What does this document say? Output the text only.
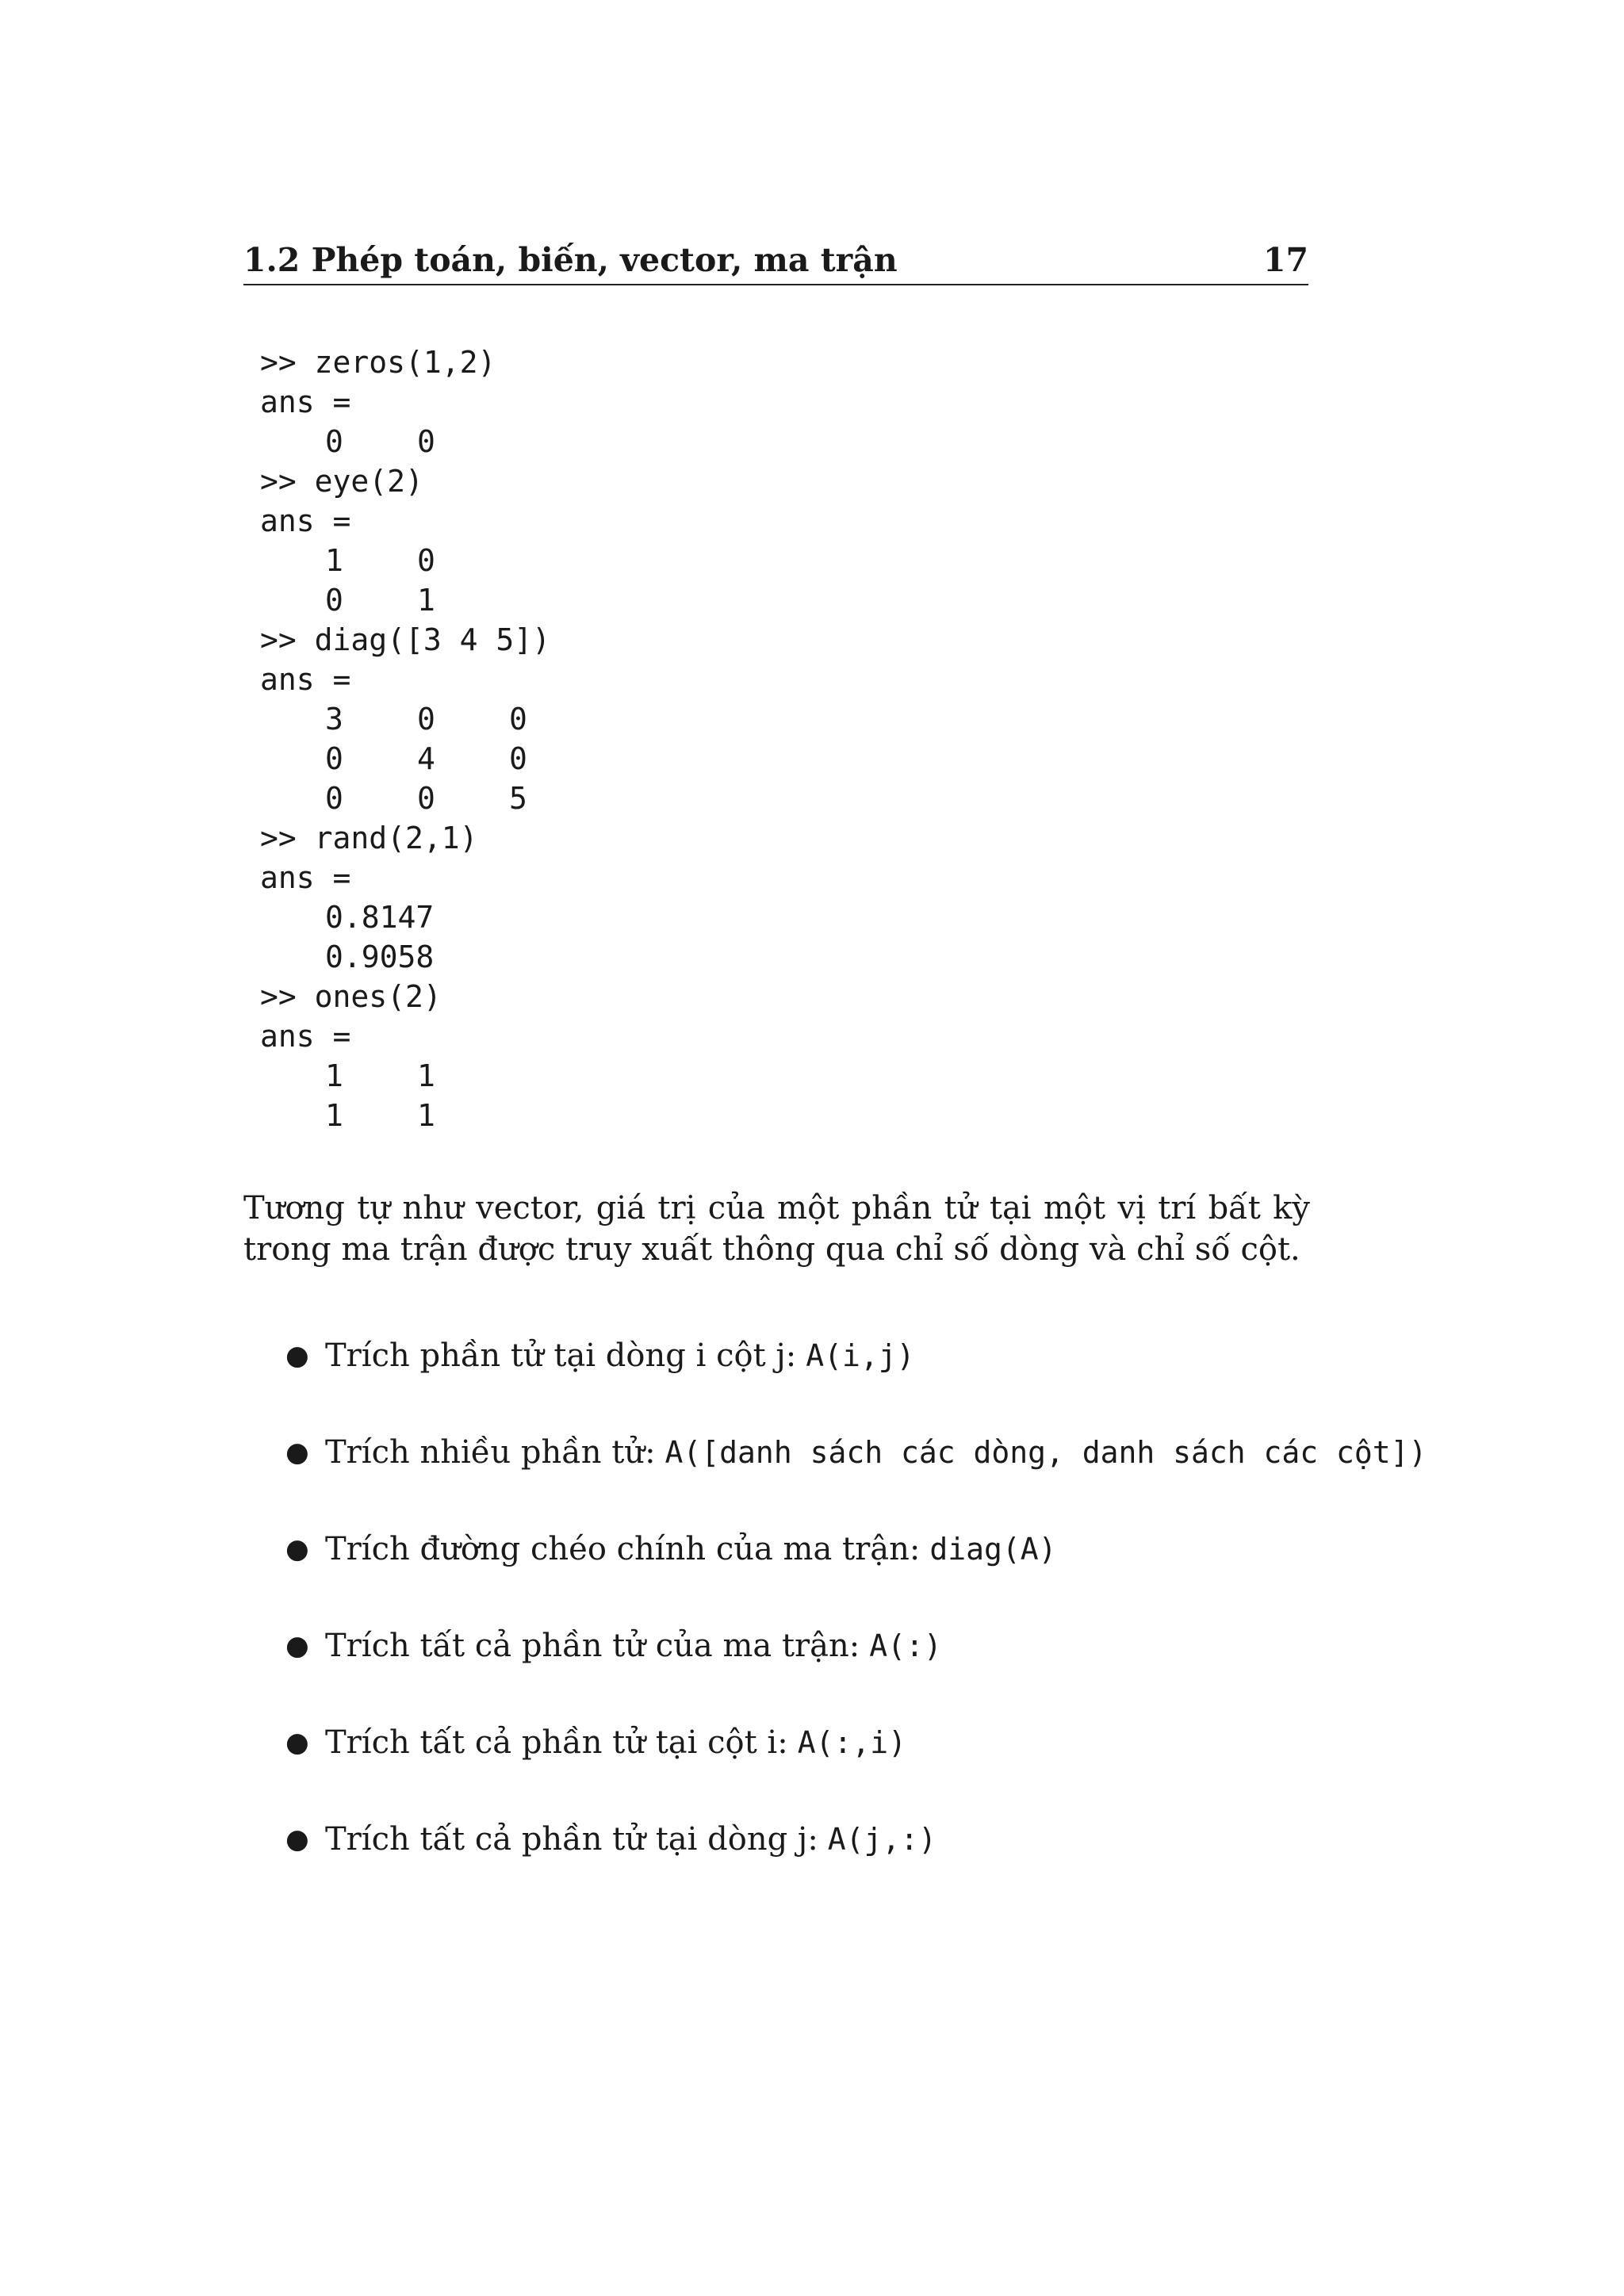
1.2 Phép toán, biến, vector, ma trận	17
>> zeros(1,2)
ans =
0 0
>> eye(2)
ans =
1 0
0 1
>> diag([3 4 5])
ans =
3 0 0
0 4 0
0 0 5
>> rand(2,1)
ans =
0.8147
0.9058
>> ones(2)
ans =
1 1
1 1
Tương tự như vector, giá trị của một phần tử tại một vị trí bất kỳ trong ma trận được truy xuất thông qua chỉ số dòng và chỉ số cột.
● Trích phần tử tại dòng i cột j: A(i,j)
● Trích nhiều phần tử: A([danh sách các dòng, danh sách các cột])
● Trích đường chéo chính của ma trận: diag(A)
● Trích tất cả phần tử của ma trận: A(:)
● Trích tất cả phần tử tại cột i: A(:,i)
● Trích tất cả phần tử tại dòng j: A(j,:)
